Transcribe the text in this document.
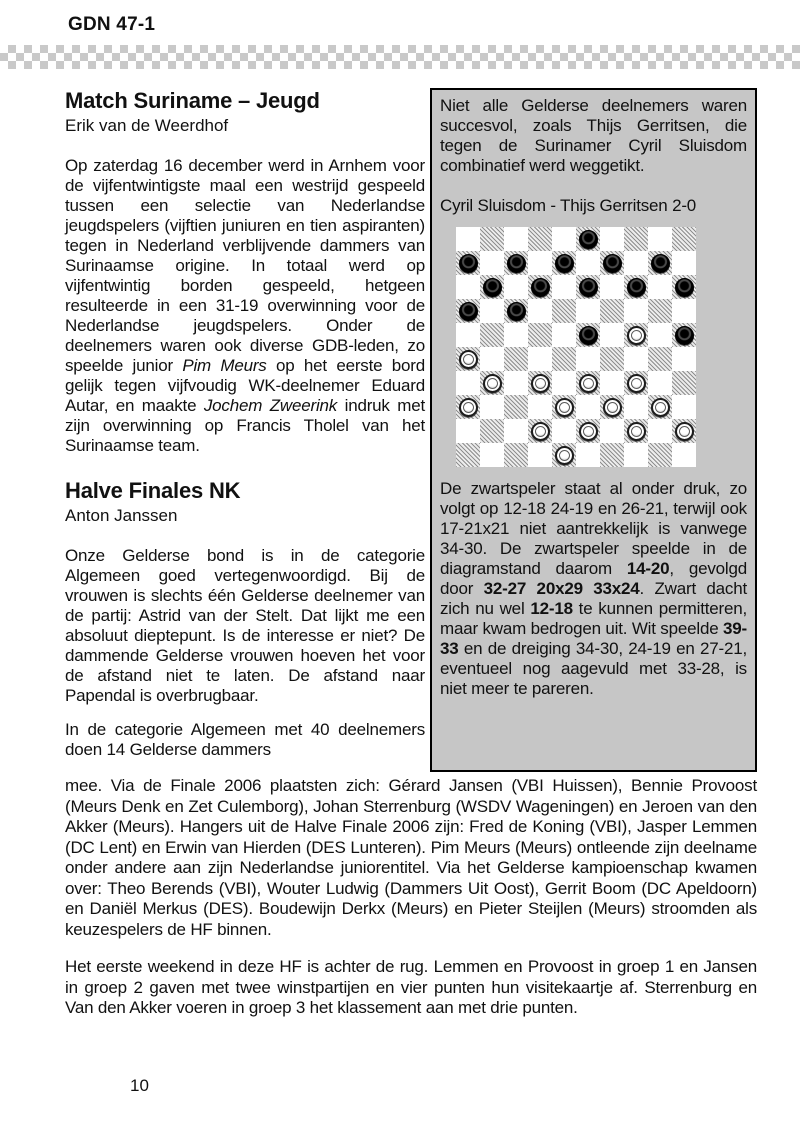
GDN 47-1
Match Suriname – Jeugd
Erik van de Weerdhof

Op zaterdag 16 december werd in Arnhem voor de vijfentwintigste maal een westrijd gespeeld tussen een selectie van Nederlandse jeugdspelers (vijftien juniuren en tien aspiranten) tegen in Nederland verblijvende dammers van Surinaamse origine. In totaal werd op vijfentwintig borden gespeeld, hetgeen resulteerde in een 31-19 overwinning voor de Nederlandse jeugdspelers. Onder de deelnemers waren ook diverse GDB-leden, zo speelde junior Pim Meurs op het eerste bord gelijk tegen vijfvoudig WK-deelnemer Eduard Autar, en maakte Jochem Zweerink indruk met zijn overwinning op Francis Tholel van het Surinaamse team.

Halve Finales NK
Anton Janssen

Onze Gelderse bond is in de categorie Algemeen goed vertegenwoordigd. Bij de vrouwen is slechts één Gelderse deelnemer van de partij: Astrid van der Stelt. Dat lijkt me een absoluut dieptepunt. Is de interesse er niet? De dammende Gelderse vrouwen hoeven het voor de afstand niet te laten. De afstand naar Papendal is overbrugbaar.

In de categorie Algemeen met 40 deelnemers doen 14 Gelderse dammers

Niet alle Gelderse deelnemers waren succesvol, zoals Thijs Gerritsen, die tegen de Surinamer Cyril Sluisdom combinatief werd weggetikt.

Cyril Sluisdom - Thijs Gerritsen 2-0

De zwartspeler staat al onder druk, zo volgt op 12-18 24-19 en 26-21, terwijl ook 17-21x21 niet aantrekkelijk is vanwege 34-30. De zwartspeler speelde in de diagramstand daarom 14-20, gevolgd door 32-27 20x29 33x24. Zwart dacht zich nu wel 12-18 te kunnen permitteren, maar kwam bedrogen uit. Wit speelde 39-33 en de dreiging 34-30, 24-19 en 27-21, eventueel nog aagevuld met 33-28, is niet meer te pareren.

mee. Via de Finale 2006 plaatsten zich: Gérard Jansen (VBI Huissen), Bennie Provoost (Meurs Denk en Zet Culemborg), Johan Sterrenburg (WSDV Wageningen) en Jeroen van den Akker (Meurs). Hangers uit de Halve Finale 2006 zijn: Fred de Koning (VBI), Jasper Lemmen (DC Lent) en Erwin van Hierden (DES Lunteren). Pim Meurs (Meurs) ontleende zijn deelname onder andere aan zijn Nederlandse juniorentitel. Via het Gelderse kampioenschap kwamen over: Theo Berends (VBI), Wouter Ludwig (Dammers Uit Oost), Gerrit Boom (DC Apeldoorn) en Daniël Merkus (DES). Boudewijn Derkx (Meurs) en Pieter Steijlen (Meurs) stroomden als keuzespelers de HF binnen.

Het eerste weekend in deze HF is achter de rug. Lemmen en Provoost in groep 1 en Jansen in groep 2 gaven met twee winstpartijen en vier punten hun visitekaartje af. Sterrenburg en Van den Akker voeren in groep 3 het klassement aan met drie punten.

10
